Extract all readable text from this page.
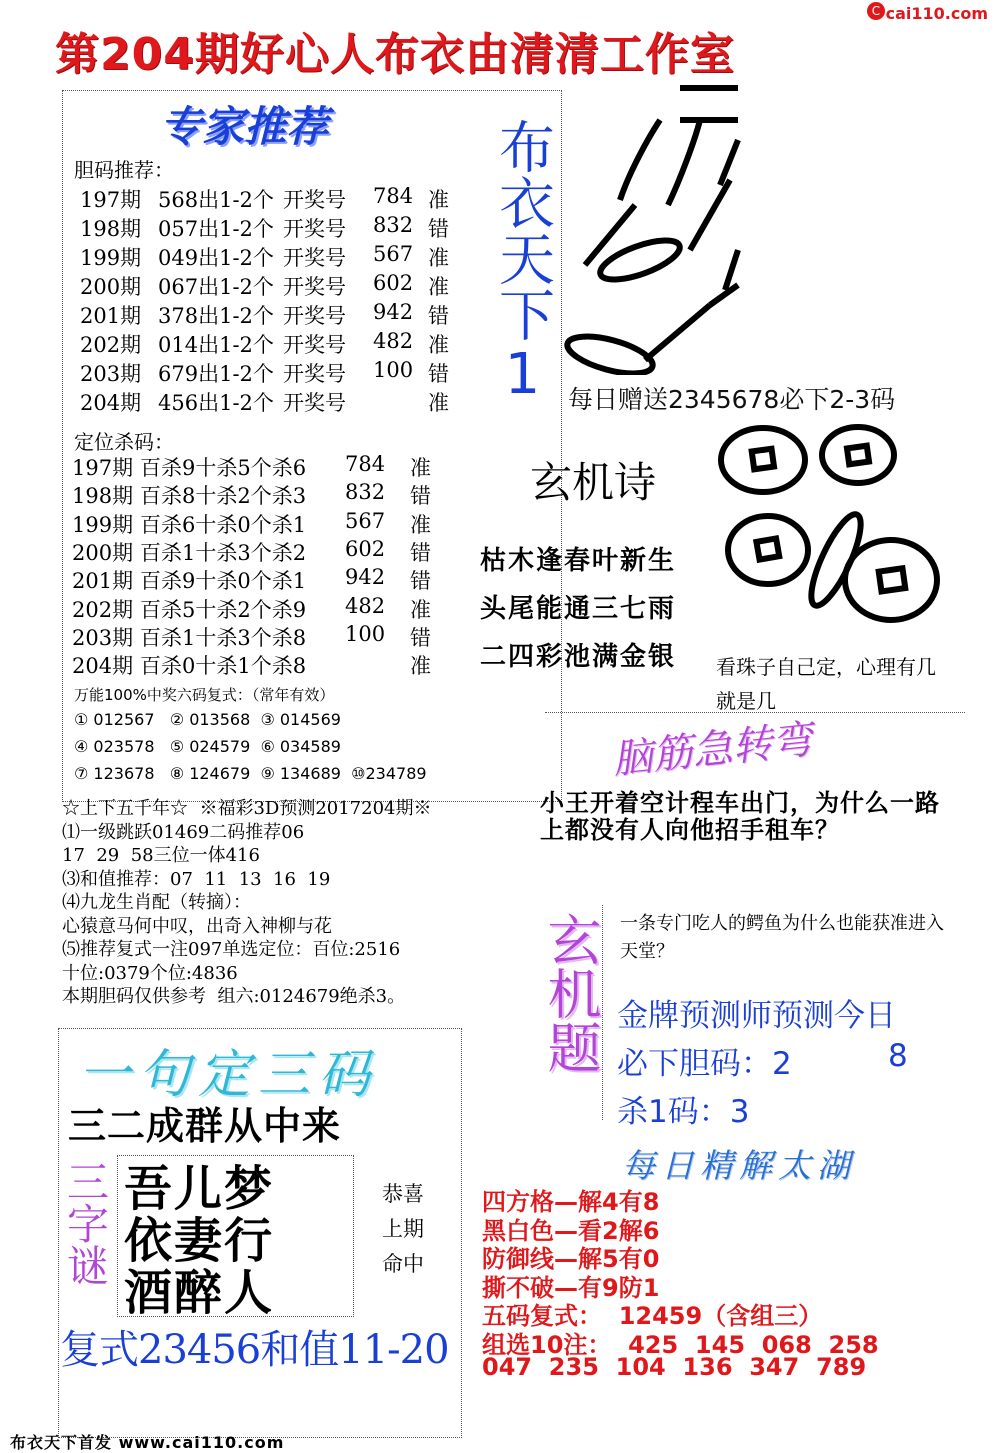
第204期好心人布衣由清清工作室
C cai110.com
专家推荐
胆码推荐：
197期 568出1-2个 开奖号 784 准
198期 057出1-2个 开奖号 832 错
199期 049出1-2个 开奖号 567 准
200期 067出1-2个 开奖号 602 准
201期 378出1-2个 开奖号 942 错
202期 014出1-2个 开奖号 482 准
203期 679出1-2个 开奖号 100 错
204期 456出1-2个 开奖号	准
定位杀码：
197期 百杀9十杀5个杀6 784 准
198期 百杀8十杀2个杀3 832 错
199期 百杀6十杀0个杀1 567 准
200期 百杀1十杀3个杀2 602 错
201期 百杀9十杀0个杀1 942 错
202期 百杀5十杀2个杀9 482 准
203期 百杀1十杀3个杀8 100 错
204期 百杀0十杀1个杀8	准
万能100%中奖六码复式：（常年有效）
① 012567   ② 013568  ③ 014569
④ 023578   ⑤ 024579  ⑥ 034589
⑦ 123678   ⑧ 124679  ⑨ 134689  ⑩234789
☆上下五千年☆  ※福彩3D预测2017204期※
⑴一级跳跃01469二码推荐06
17  29  58三位一体416
⑶和值推荐：07  11  13  16  19
⑷九龙生肖配（转摘）：
心猿意马何中叹，出奇入神柳与花
⑸推荐复式一注097单选定位：百位:2516
十位:0379个位:4836
本期胆码仅供参考  组六:0124679绝杀3。
布衣天下1 每日赠送2345678必下2-3码
玄机诗
枯木逢春叶新生
头尾能通三七雨
二四彩池满金银 看珠子自己定，心理有几就是几
脑筋急转弯
小王开着空计程车出门，为什么一路上都没有人向他招手租车？
玄机题 一条专门吃人的鳄鱼为什么也能获准进入天堂？
金牌预测师预测今日
必下胆码：2	8
杀1码：3
一句定三码
三二成群从中来
三字谜 吾儿梦
依妻行
酒醉人
恭喜
上期
命中
复式23456和值11-20
每日精解太湖
四方格—解4有8
黑白色—看2解6
防御线—解5有0
撕不破—有9防1
五码复式：  12459（含组三）
组选10注：  425  145  068  258
047  235  104  136  347  789
布衣天下首发 www.cai110.com
